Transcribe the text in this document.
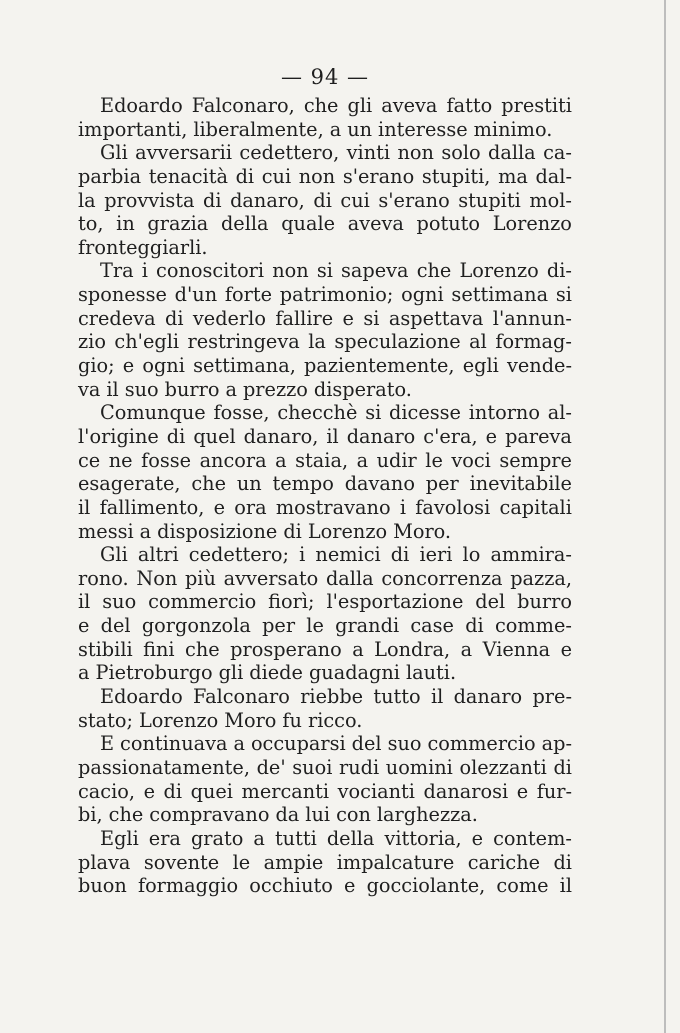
— 94 —
Edoardo Falconaro, che gli aveva fatto prestiti
importanti, liberalmente, a un interesse minimo.
Gli avversarii cedettero, vinti non solo dalla ca-
parbia tenacità di cui non s'erano stupiti, ma dal-
la provvista di danaro, di cui s'erano stupiti mol-
to, in grazia della quale aveva potuto Lorenzo
fronteggiarli.
Tra i conoscitori non si sapeva che Lorenzo di-
sponesse d'un forte patrimonio; ogni settimana si
credeva di vederlo fallire e si aspettava l'annun-
zio ch'egli restringeva la speculazione al formag-
gio; e ogni settimana, pazientemente, egli vende-
va il suo burro a prezzo disperato.
Comunque fosse, checchè si dicesse intorno al-
l'origine di quel danaro, il danaro c'era, e pareva
ce ne fosse ancora a staia, a udir le voci sempre
esagerate, che un tempo davano per inevitabile
il fallimento, e ora mostravano i favolosi capitali
messi a disposizione di Lorenzo Moro.
Gli altri cedettero; i nemici di ieri lo ammira-
rono. Non più avversato dalla concorrenza pazza,
il suo commercio fiorì; l'esportazione del burro
e del gorgonzola per le grandi case di comme-
stibili fini che prosperano a Londra, a Vienna e
a Pietroburgo gli diede guadagni lauti.
Edoardo Falconaro riebbe tutto il danaro pre-
stato; Lorenzo Moro fu ricco.
E continuava a occuparsi del suo commercio ap-
passionatamente, de' suoi rudi uomini olezzanti di
cacio, e di quei mercanti vocianti danarosi e fur-
bi, che compravano da lui con larghezza.
Egli era grato a tutti della vittoria, e contem-
plava sovente le ampie impalcature cariche di
buon formaggio occhiuto e gocciolante, come il
